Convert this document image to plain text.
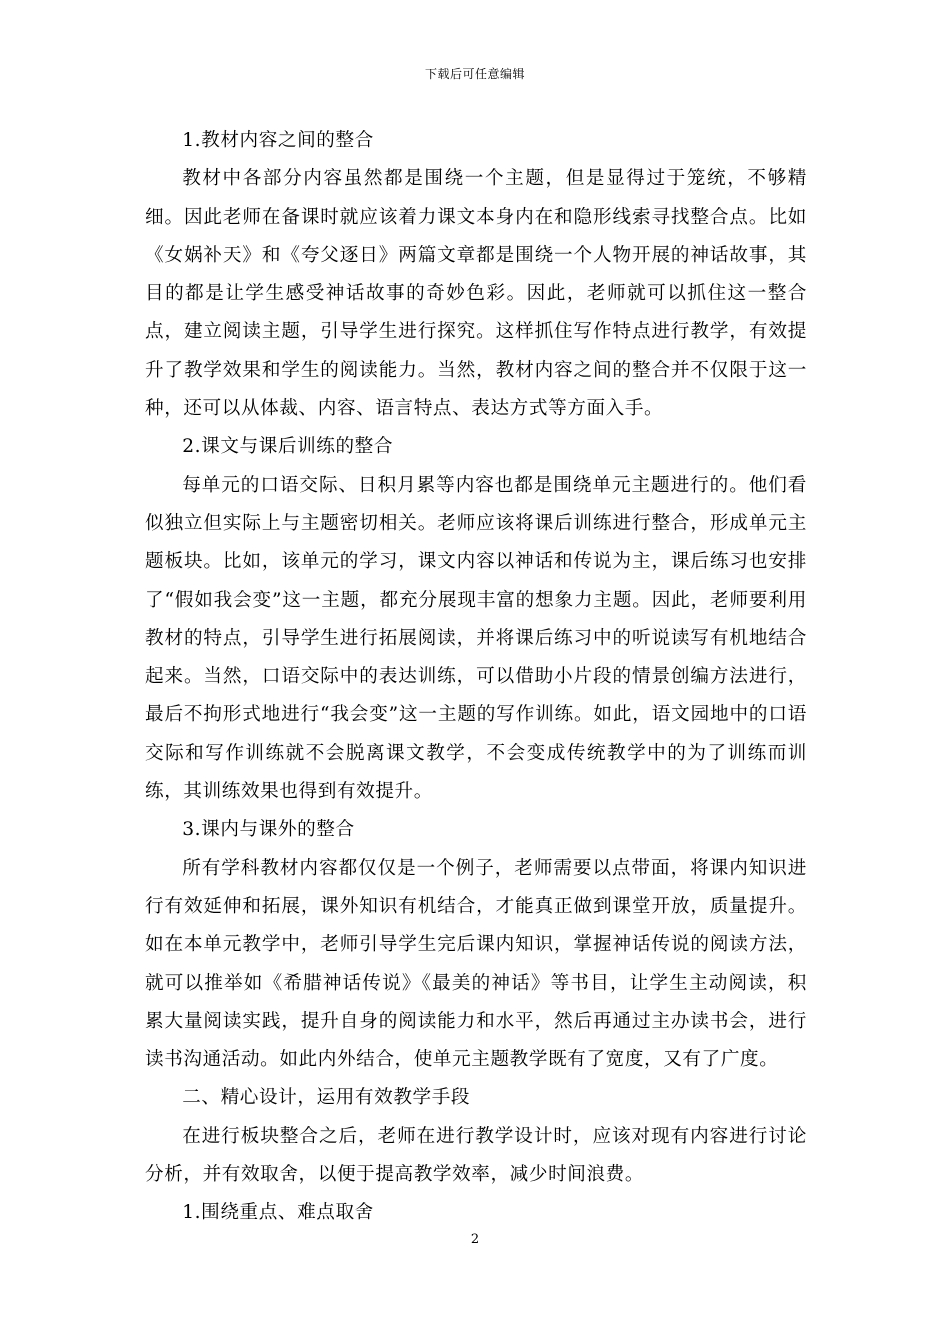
下载后可任意编辑

1.教材内容之间的整合

教材中各部分内容虽然都是围绕一个主题，但是显得过于笼统，不够精细。因此老师在备课时就应该着力课文本身内在和隐形线索寻找整合点。比如《女娲补天》和《夸父逐日》两篇文章都是围绕一个人物开展的神话故事，其目的都是让学生感受神话故事的奇妙色彩。因此，老师就可以抓住这一整合点，建立阅读主题，引导学生进行探究。这样抓住写作特点进行教学，有效提升了教学效果和学生的阅读能力。当然，教材内容之间的整合并不仅限于这一种，还可以从体裁、内容、语言特点、表达方式等方面入手。

2.课文与课后训练的整合

每单元的口语交际、日积月累等内容也都是围绕单元主题进行的。他们看似独立但实际上与主题密切相关。老师应该将课后训练进行整合，形成单元主题板块。比如，该单元的学习，课文内容以神话和传说为主，课后练习也安排了“假如我会变”这一主题，都充分展现丰富的想象力主题。因此，老师要利用教材的特点，引导学生进行拓展阅读，并将课后练习中的听说读写有机地结合起来。当然，口语交际中的表达训练，可以借助小片段的情景创编方法进行，最后不拘形式地进行“我会变”这一主题的写作训练。如此，语文园地中的口语交际和写作训练就不会脱离课文教学，不会变成传统教学中的为了训练而训练，其训练效果也得到有效提升。

3.课内与课外的整合

所有学科教材内容都仅仅是一个例子，老师需要以点带面，将课内知识进行有效延伸和拓展，课外知识有机结合，才能真正做到课堂开放，质量提升。如在本单元教学中，老师引导学生完后课内知识，掌握神话传说的阅读方法，就可以推举如《希腊神话传说》《最美的神话》等书目，让学生主动阅读，积累大量阅读实践，提升自身的阅读能力和水平，然后再通过主办读书会，进行读书沟通活动。如此内外结合，使单元主题教学既有了宽度，又有了广度。

二、精心设计，运用有效教学手段

在进行板块整合之后，老师在进行教学设计时，应该对现有内容进行讨论分析，并有效取舍，以便于提高教学效率，减少时间浪费。

1.围绕重点、难点取舍

2
